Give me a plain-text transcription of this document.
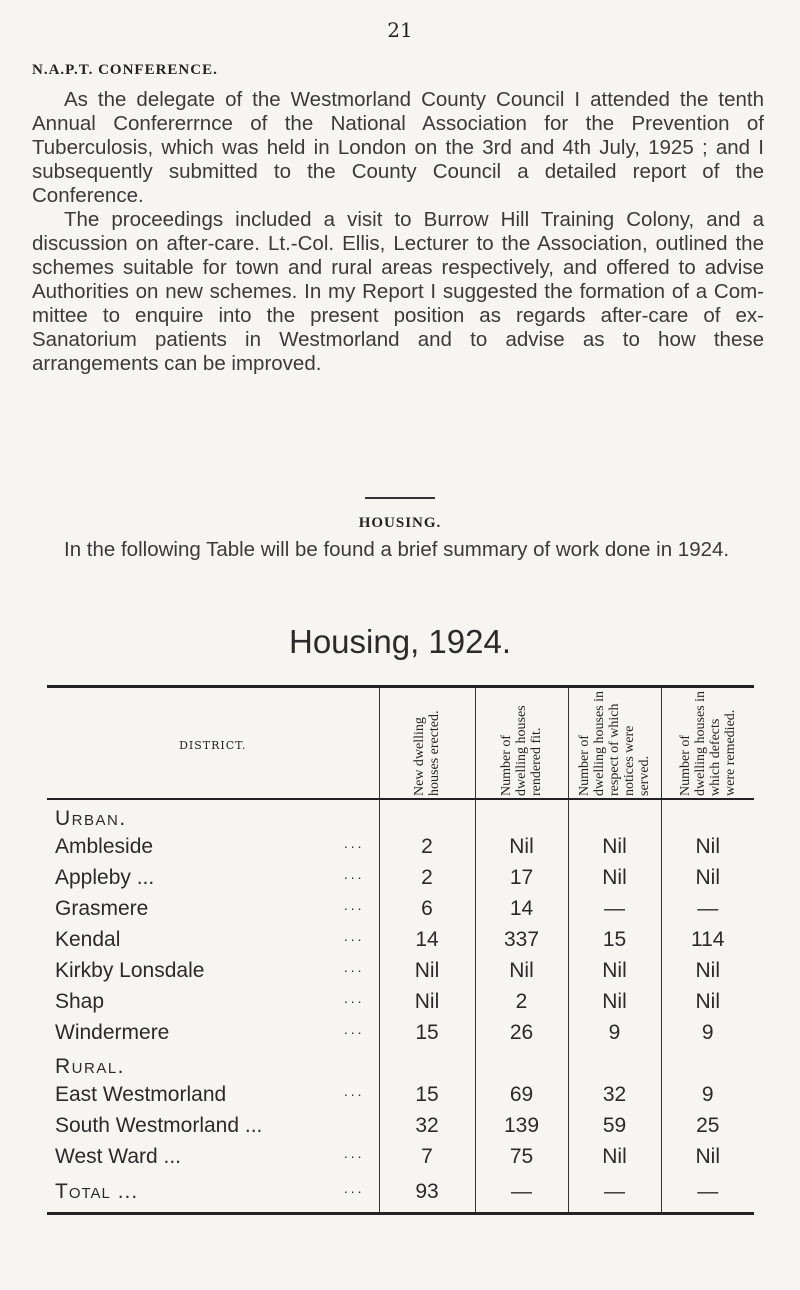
21
N.A.P.T. CONFERENCE.

As the delegate of the Westmorland County Council I attended the tenth Annual Confererrnce of the National Association for the Prevention of Tuberculosis, which was held in London on the 3rd and 4th July, 1925 ; and I subsequently submitted to the County Council a detailed report of the Conference.

The proceedings included a visit to Burrow Hill Training Colony, and a discussion on after-care. Lt.-Col. Ellis, Lecturer to the Association, outlined the schemes suitable for town and rural areas respectively, and offered to advise Authorities on new schemes. In my Report I suggested the formation of a Committee to enquire into the present position as regards after-care of ex-Sanatorium patients in Westmorland and to advise as to how these arrangements can be improved.

HOUSING.

In the following Table will be found a brief summary of work done in 1924.

Housing, 1924.
DISTRICT.	New dwelling houses erected.	Number of dwelling houses rendered fit.	Number of dwelling houses in respect of which notices were served.	Number of dwelling houses in which defects were remedied.

Urban.				
Ambleside ...	2	Nil	Nil	Nil
Appleby ... ...	2	17	Nil	Nil
Grasmere ...	6	14	—	—
Kendal ...	14	337	15	114
Kirkby Lonsdale ...	Nil	Nil	Nil	Nil
Shap ...	Nil	2	Nil	Nil
Windermere ...	15	26	9	9
Rural.				
East Westmorland ...	15	69	32	9
South Westmorland ...	32	139	59	25
West Ward ... ...	7	75	Nil	Nil
Total ... ...	93	—	—	—
